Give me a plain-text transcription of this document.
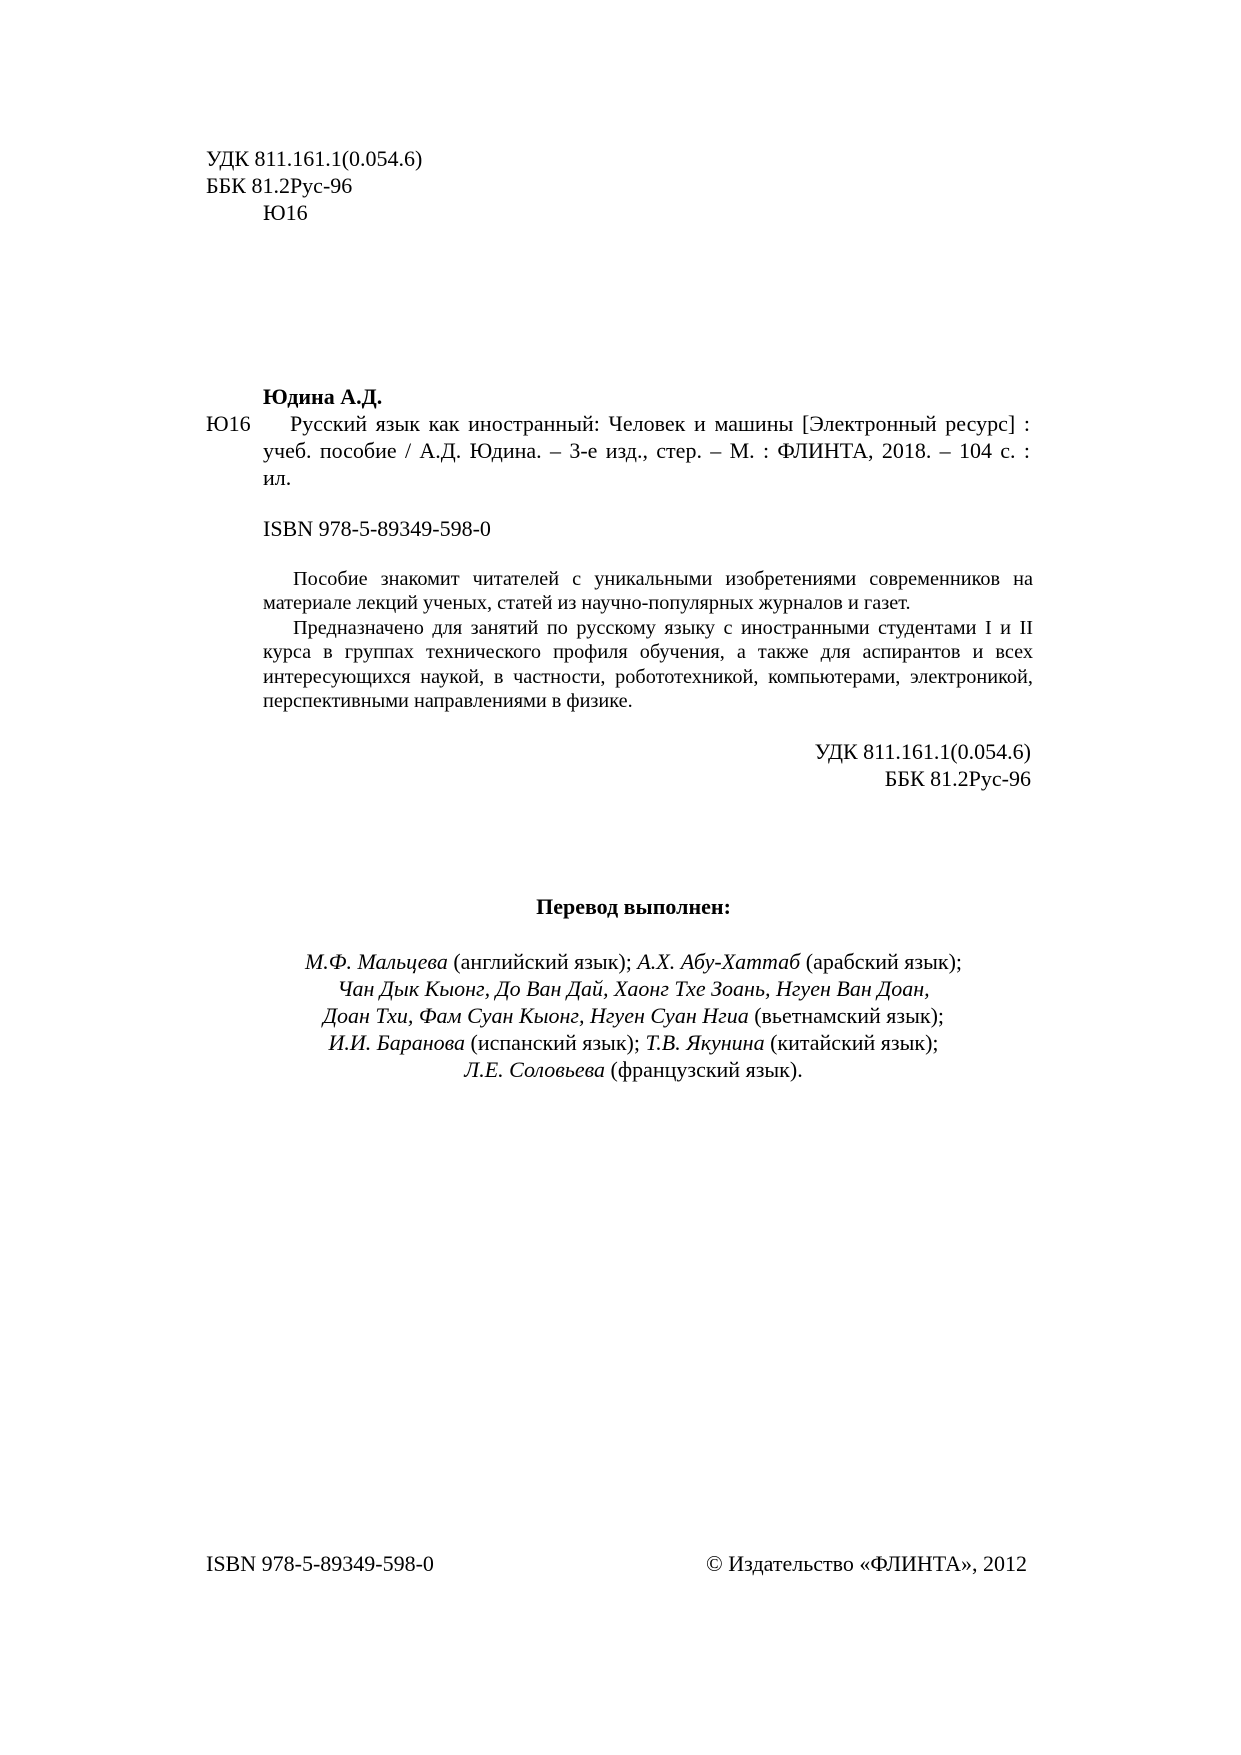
УДК 811.161.1(0.054.6)
ББК 81.2Рус-96
Ю16
Юдина А.Д.
Ю16 Русский язык как иностранный: Человек и машины [Электронный ресурс] :
учеб. пособие / А.Д. Юдина. – 3-е изд., стер. – М. : ФЛИНТА, 2018. – 104 с. :
ил.
ISBN 978-5-89349-598-0
Пособие знакомит читателей с уникальными изобретениями современников на
материале лекций ученых, статей из научно-популярных журналов и газет.
Предназначено для занятий по русскому языку с иностранными студентами I и II
курса в группах технического профиля обучения, а также для аспирантов и всех
интересующихся наукой, в частности, робототехникой, компьютерами, электроникой,
перспективными направлениями в физике.
УДК 811.161.1(0.054.6)
ББК 81.2Рус-96
Перевод выполнен:
М.Ф. Мальцева (английский язык); А.Х. Абу-Хаттаб (арабский язык);
Чан Дык Кыонг, До Ван Дай, Хаонг Тхе Зоань, Нгуен Ван Доан,
Доан Тхи, Фам Суан Кыонг, Нгуен Суан Нгиа (вьетнамский язык);
И.И. Баранова (испанский язык); Т.В. Якунина (китайский язык);
Л.Е. Соловьева (французский язык).
ISBN 978-5-89349-598-0	© Издательство «ФЛИНТА», 2012
